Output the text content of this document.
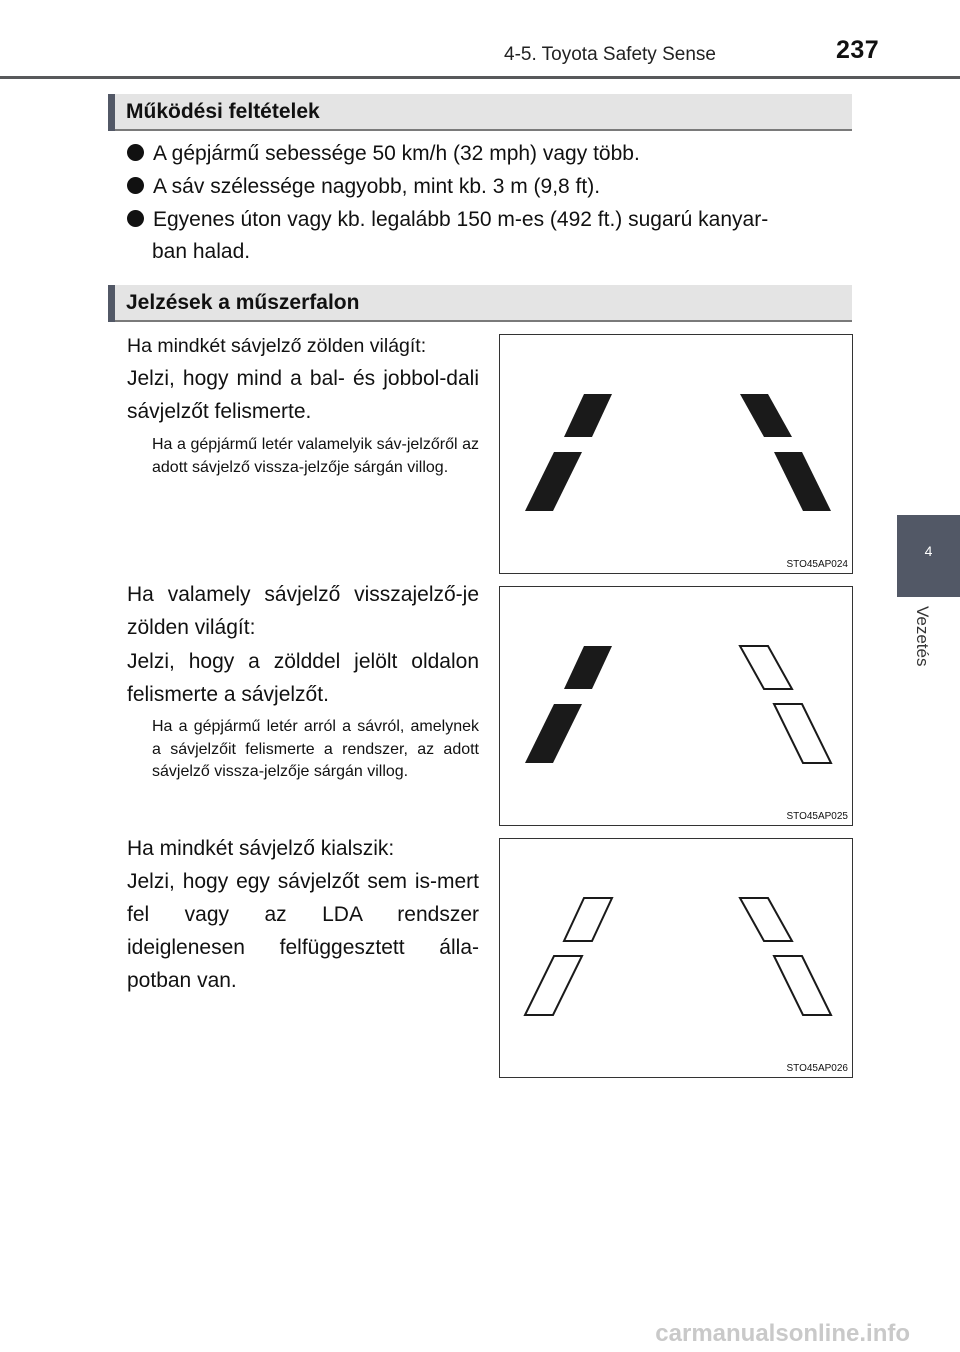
4-5. Toyota Safety Sense	237
4
Vezetés
Működési feltételek
A gépjármű sebessége 50 km/h (32 mph) vagy több.
A sáv szélessége nagyobb, mint kb. 3 m (9,8 ft).
Egyenes úton vagy kb. legalább 150 m-es (492 ft.) sugarú kanyar-
ban halad.
Jelzések a műszerfalon
Ha mindkét sávjelző zölden világít:
Jelzi, hogy mind a bal- és jobbol-dali sávjelzőt felismerte.
Ha a gépjármű letér valamelyik sáv-jelzőről az adott sávjelző vissza-jelzője sárgán villog.
STO45AP024
Ha valamely sávjelző visszajelző-je zölden világít:
Jelzi, hogy a zölddel jelölt oldalon felismerte a sávjelzőt.
Ha a gépjármű letér arról a sávról, amelynek a sávjelzőit felismerte a rendszer, az adott sávjelző vissza-jelzője sárgán villog.
STO45AP025
Ha mindkét sávjelző kialszik:
Jelzi, hogy egy sávjelzőt sem is-mert fel vagy az LDA rendszer ideiglenesen felfüggesztett álla-potban van.
STO45AP026
carmanualsonline.info
